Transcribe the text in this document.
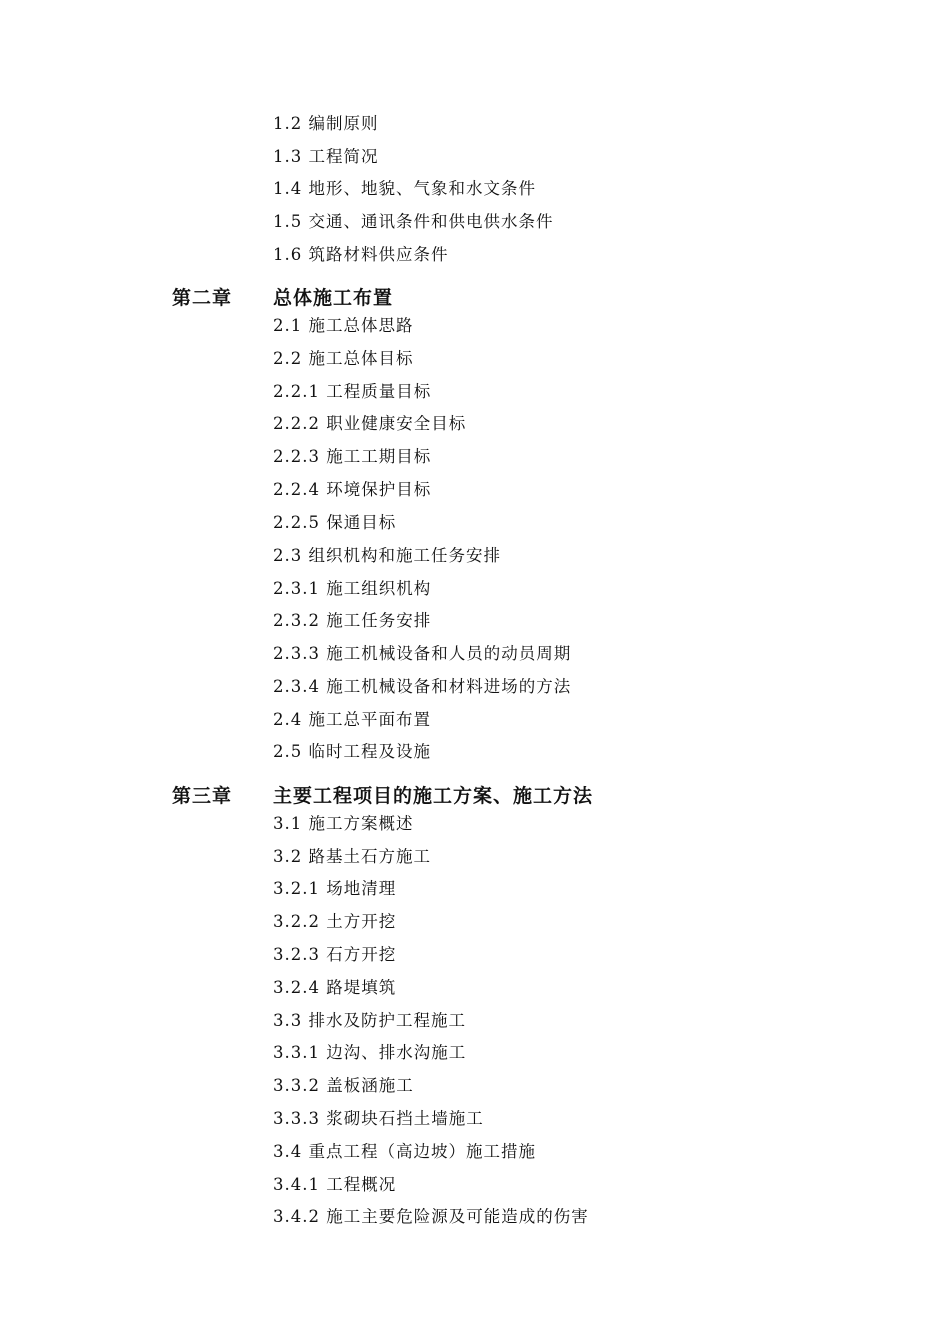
1.2 编制原则
1.3 工程简况
1.4 地形、地貌、气象和水文条件
1.5 交通、通讯条件和供电供水条件
1.6 筑路材料供应条件
第二章 总体施工布置
2.1 施工总体思路
2.2 施工总体目标
2.2.1 工程质量目标
2.2.2 职业健康安全目标
2.2.3 施工工期目标
2.2.4 环境保护目标
2.2.5 保通目标
2.3 组织机构和施工任务安排
2.3.1 施工组织机构
2.3.2 施工任务安排
2.3.3 施工机械设备和人员的动员周期
2.3.4 施工机械设备和材料进场的方法
2.4 施工总平面布置
2.5 临时工程及设施
第三章 主要工程项目的施工方案、施工方法
3.1 施工方案概述
3.2 路基土石方施工
3.2.1 场地清理
3.2.2 土方开挖
3.2.3 石方开挖
3.2.4 路堤填筑
3.3 排水及防护工程施工
3.3.1 边沟、排水沟施工
3.3.2 盖板涵施工
3.3.3 浆砌块石挡土墙施工
3.4 重点工程（高边坡）施工措施
3.4.1 工程概况
3.4.2 施工主要危险源及可能造成的伤害
